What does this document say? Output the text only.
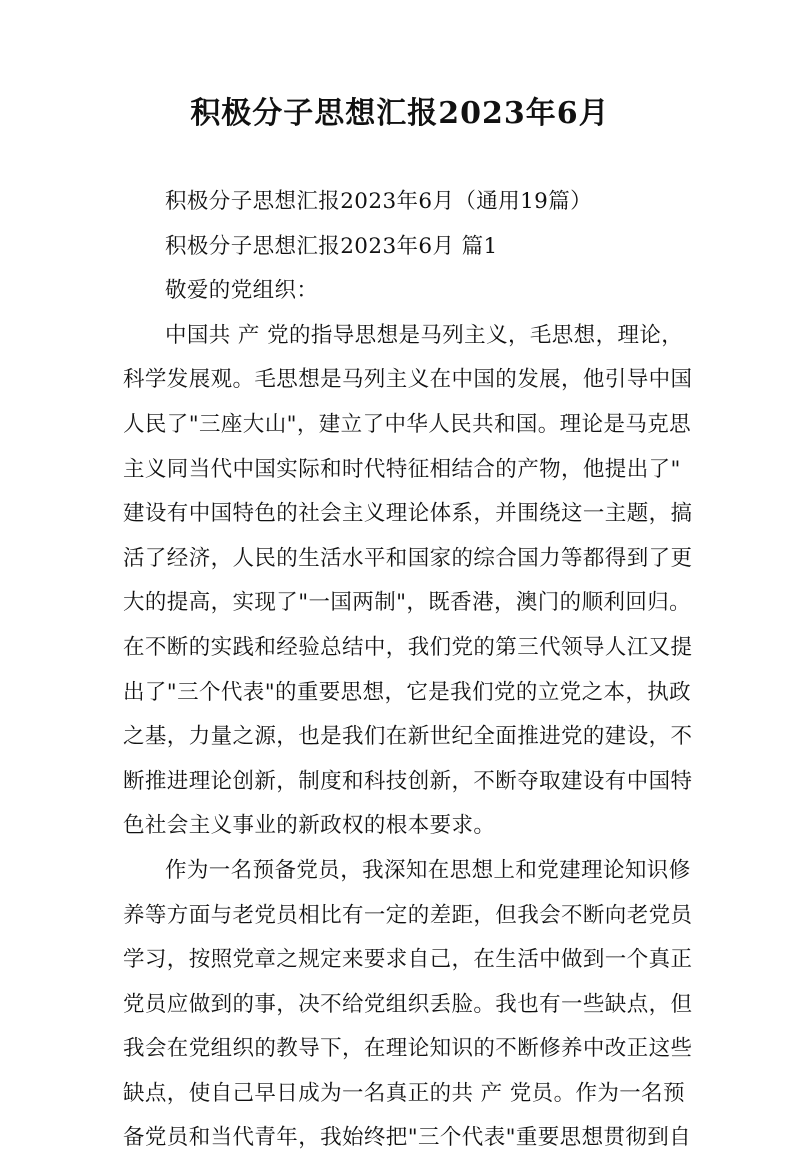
积极分子思想汇报2023年6月
积极分子思想汇报2023年6月（通用19篇）
积极分子思想汇报2023年6月 篇1
敬爱的党组织：
中国共 产 党的指导思想是马列主义，毛思想，理论，
科学发展观。毛思想是马列主义在中国的发展，他引导中国
人民了"三座大山"，建立了中华人民共和国。理论是马克思
主义同当代中国实际和时代特征相结合的产物，他提出了"
建设有中国特色的社会主义理论体系，并围绕这一主题，搞
活了经济，人民的生活水平和国家的综合国力等都得到了更
大的提高，实现了"一国两制"，既香港，澳门的顺利回归。
在不断的实践和经验总结中，我们党的第三代领导人江又提
出了"三个代表"的重要思想，它是我们党的立党之本，执政
之基，力量之源，也是我们在新世纪全面推进党的建设，不
断推进理论创新，制度和科技创新，不断夺取建设有中国特
色社会主义事业的新政权的根本要求。
作为一名预备党员，我深知在思想上和党建理论知识修
养等方面与老党员相比有一定的差距，但我会不断向老党员
学习，按照党章之规定来要求自己，在生活中做到一个真正
党员应做到的事，决不给党组织丢脸。我也有一些缺点，但
我会在党组织的教导下，在理论知识的不断修养中改正这些
缺点，使自己早日成为一名真正的共 产 党员。作为一名预
备党员和当代青年，我始终把"三个代表"重要思想贯彻到自
